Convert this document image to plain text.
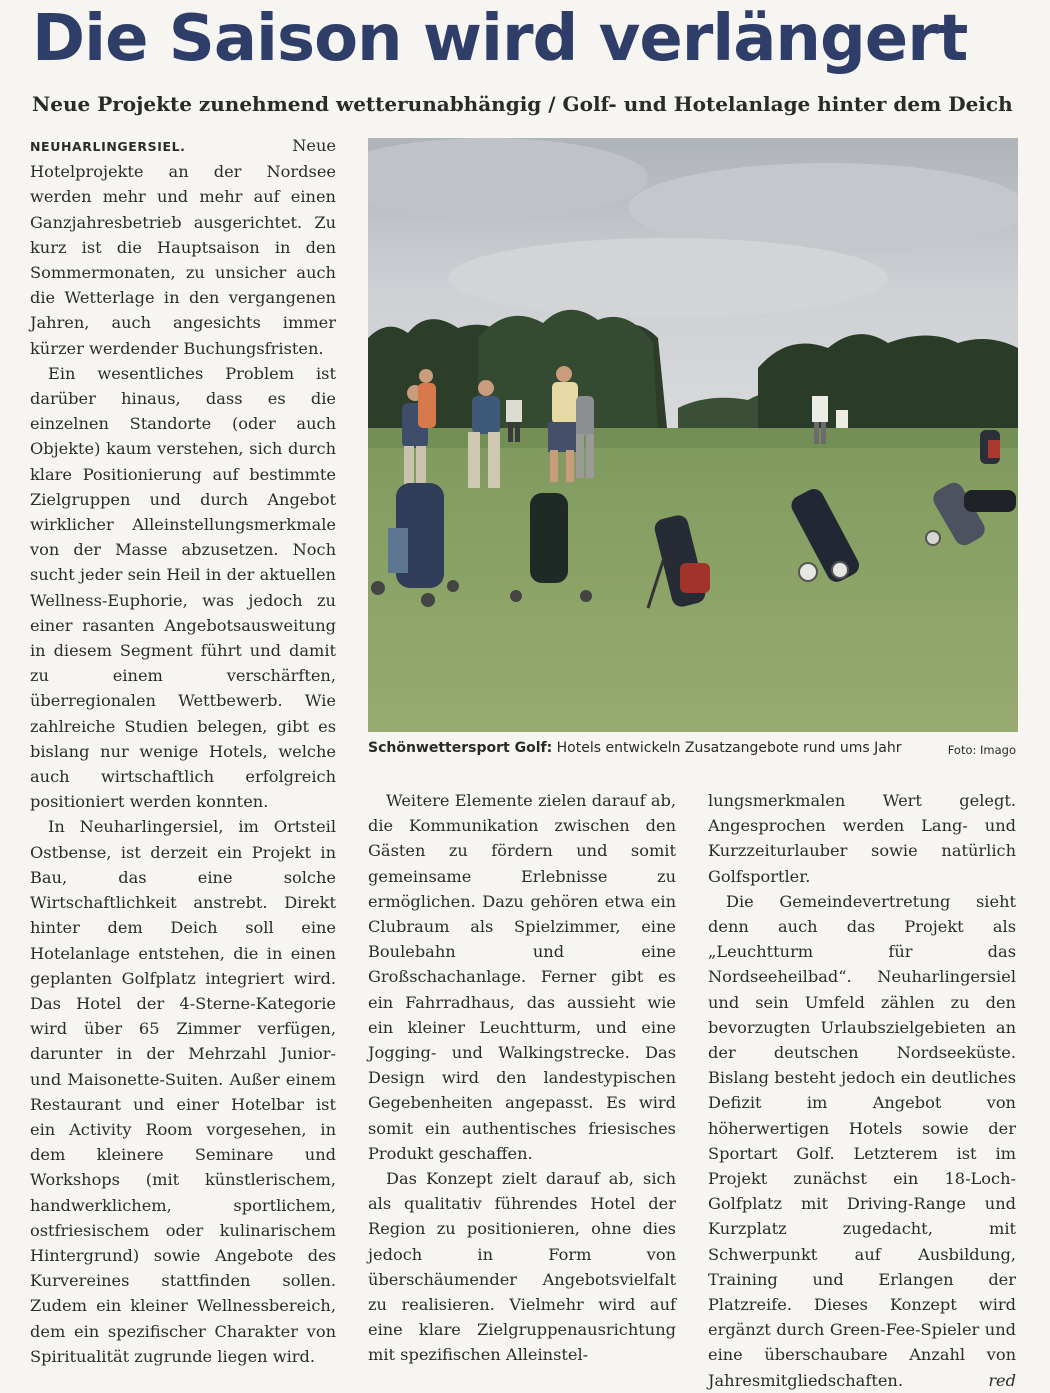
Die Saison wird verlängert
Neue Projekte zunehmend wetterunabhängig / Golf- und Hotelanlage hinter dem Deich

NEUHARLINGERSIEL.	Neue Hotelprojekte an der Nordsee werden mehr und mehr auf einen Ganzjahresbetrieb ausgerichtet. Zu kurz ist die Hauptsaison in den Sommermonaten, zu unsicher auch die Wetterlage in den vergangenen Jahren, auch angesichts immer kürzer werdender Buchungsfristen.

Ein wesentliches Problem ist darüber hinaus, dass es die einzelnen Standorte (oder auch Objekte) kaum verstehen, sich durch klare Positionierung auf bestimmte Zielgruppen und durch Angebot wirklicher Alleinstellungsmerkmale von der Masse abzusetzen. Noch sucht jeder sein Heil in der aktuellen Wellness-Euphorie, was jedoch zu einer rasanten Angebotsausweitung in diesem Segment führt und damit zu einem verschärften, überregionalen Wettbewerb. Wie zahlreiche Studien belegen, gibt es bislang nur wenige Hotels, welche auch wirtschaftlich erfolgreich positioniert werden konnten.

In Neuharlingersiel, im Ortsteil Ostbense, ist derzeit ein Projekt in Bau, das eine solche Wirtschaftlichkeit anstrebt. Direkt hinter dem Deich soll eine Hotelanlage entstehen, die in einen geplanten Golfplatz integriert wird. Das Hotel der 4-Sterne-Kategorie wird über 65 Zimmer verfügen, darunter in der Mehrzahl Junior- und Maisonette-Suiten. Außer einem Restaurant und einer Hotelbar ist ein Activity Room vorgesehen, in dem kleinere Seminare und Workshops (mit künstlerischem, handwerklichem, sportlichem, ostfriesischem oder kulinarischem Hintergrund) sowie Angebote des Kurvereines stattfinden sollen. Zudem ein kleiner Wellnessbereich, dem ein spezifischer Charakter von Spiritualität zugrunde liegen wird.

Schönwettersport Golf: Hotels entwickeln Zusatzangebote rund ums Jahr	Foto: Imago

Weitere Elemente zielen darauf ab, die Kommunikation zwischen den Gästen zu fördern und somit gemeinsame Erlebnisse zu ermöglichen. Dazu gehören etwa ein Clubraum als Spielzimmer, eine Boulebahn und eine Großschachanlage. Ferner gibt es ein Fahrradhaus, das aussieht wie ein kleiner Leuchtturm, und eine Jogging- und Walkingstrecke. Das Design wird den landestypischen Gegebenheiten angepasst. Es wird somit ein authentisches friesisches Produkt geschaffen.

Das Konzept zielt darauf ab, sich als qualitativ führendes Hotel der Region zu positionieren, ohne dies jedoch in Form von überschäumender Angebotsvielfalt zu realisieren. Vielmehr wird auf eine klare Zielgruppenausrichtung mit spezifischen Alleinstel-

lungsmerkmalen Wert gelegt. Angesprochen werden Lang- und Kurzzeiturlauber sowie natürlich Golfsportler.

Die Gemeindevertretung sieht denn auch das Projekt als „Leuchtturm für das Nordseeheilbad“. Neuharlingersiel und sein Umfeld zählen zu den bevorzugten Urlaubszielgebieten an der deutschen Nordseeküste. Bislang besteht jedoch ein deutliches Defizit im Angebot von höherwertigen Hotels sowie der Sportart Golf. Letzterem ist im Projekt zunächst ein 18-Loch-Golfplatz mit Driving-Range und Kurzplatz zugedacht, mit Schwerpunkt auf Ausbildung, Training und Erlangen der Platzreife. Dieses Konzept wird ergänzt durch Green-Fee-Spieler und eine überschaubare Anzahl von Jahresmitgliedschaften.	red
